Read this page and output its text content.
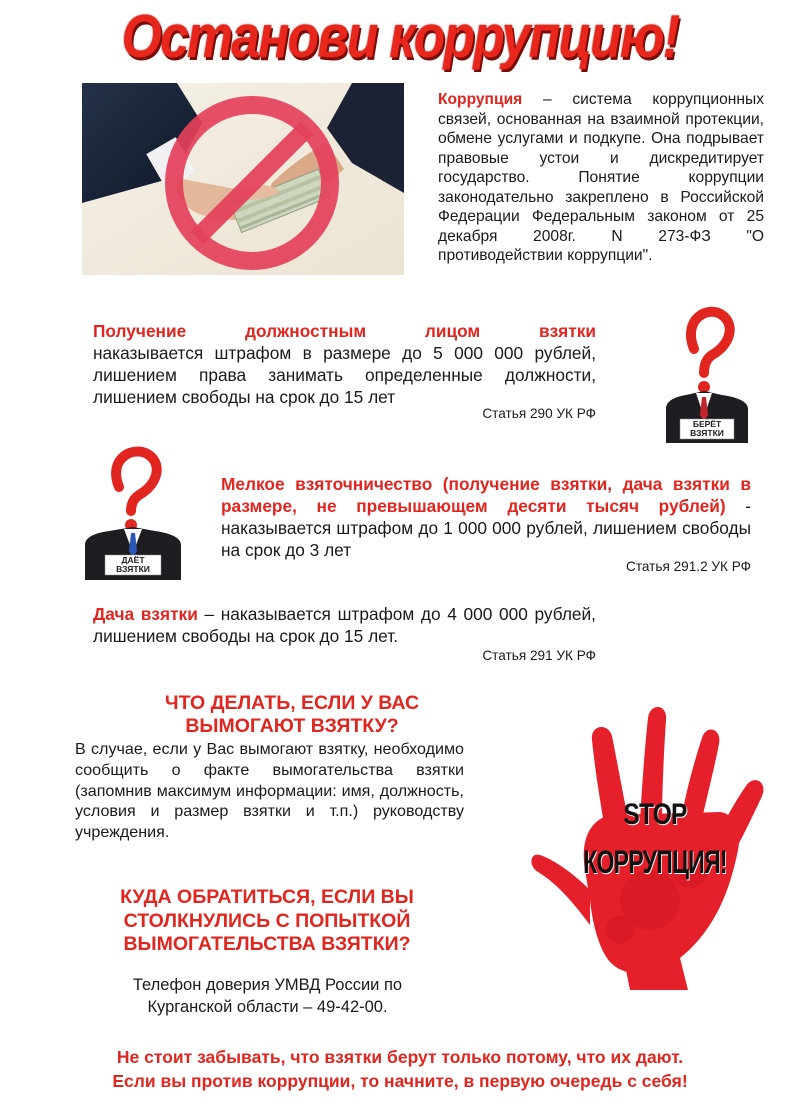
Останови коррупцию!
Коррупция – система коррупционных связей, основанная на взаимной протекции, обмене услугами и подкупе. Она подрывает правовые устои и дискредитирует государство. Понятие коррупции законодательно закреплено в Российской Федерации Федеральным законом от 25 декабря 2008г. N 273-ФЗ "О противодействии коррупции".
Получение должностным лицом взятки
наказывается штрафом в размере до 5 000 000 рублей, лишением права занимать определенные должности, лишением свободы на срок до 15 лет
Статья 290 УК РФ
БЕРЁТ ВЗЯТКИ
ДАЁТ ВЗЯТКИ
Мелкое взяточничество (получение взятки, дача взятки в размере, не превышающем десяти тысяч рублей) - наказывается штрафом до 1 000 000 рублей, лишением свободы на срок до 3 лет
Статья 291.2 УК РФ
Дача взятки – наказывается штрафом до 4 000 000 рублей, лишением свободы на срок до 15 лет.
Статья 291 УК РФ
ЧТО ДЕЛАТЬ, ЕСЛИ У ВАС ВЫМОГАЮТ ВЗЯТКУ?
В случае, если у Вас вымогают взятку, необходимо сообщить о факте вымогательства взятки (запомнив максимум информации: имя, должность, условия и размер взятки и т.п.) руководству учреждения.
КУДА ОБРАТИТЬСЯ, ЕСЛИ ВЫ СТОЛКНУЛИСЬ С ПОПЫТКОЙ ВЫМОГАТЕЛЬСТВА ВЗЯТКИ?
Телефон доверия УМВД России по Курганской области – 49-42-00.
STOP
КОРРУПЦИЯ!
Не стоит забывать, что взятки берут только потому, что их дают.
Если вы против коррупции, то начните, в первую очередь с себя!
